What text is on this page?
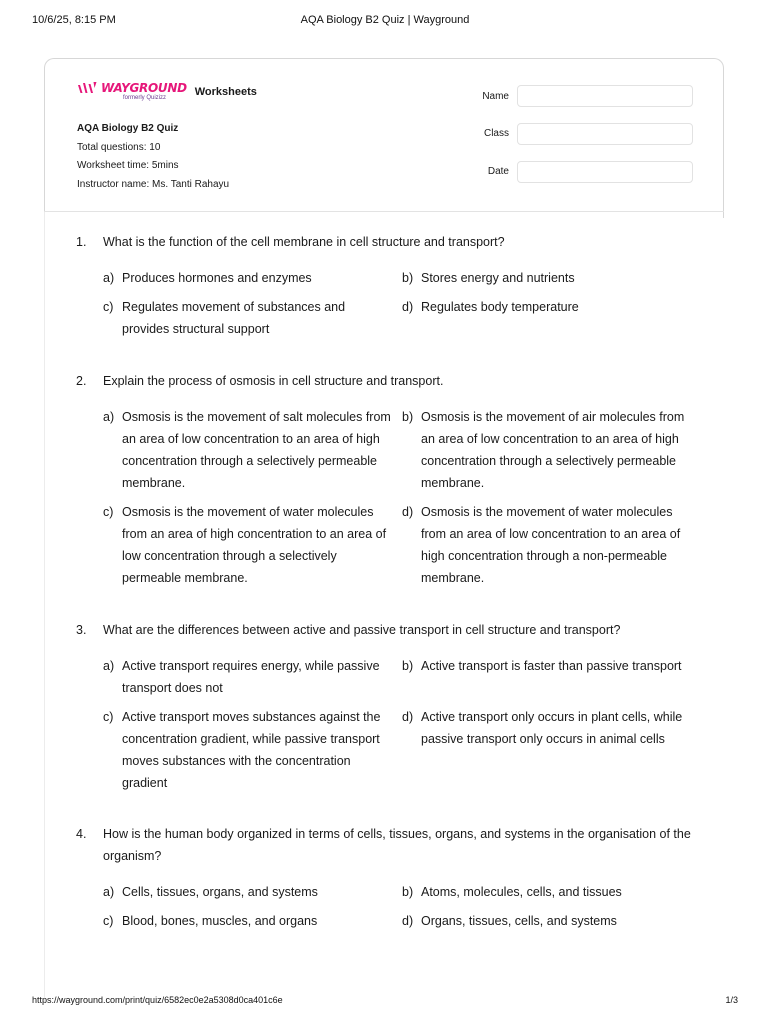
10/6/25, 8:15 PM	AQA Biology B2 Quiz | Wayground
WAYGROUND
formerly Quizizz	Worksheets
AQA Biology B2 Quiz
Total questions: 10
Worksheet time: 5mins
Instructor name: Ms. Tanti Rahayu
Name
Class
Date
1.	What is the function of the cell membrane in cell structure and transport?
a) Produces hormones and enzymes	b) Stores energy and nutrients
c) Regulates movement of substances and provides structural support
d) Regulates body temperature
2.	Explain the process of osmosis in cell structure and transport.
a) Osmosis is the movement of salt molecules from an area of low concentration to an area of high concentration through a selectively permeable membrane.
b) Osmosis is the movement of air molecules from an area of low concentration to an area of high concentration through a selectively permeable membrane.
c) Osmosis is the movement of water molecules from an area of high concentration to an area of low concentration through a selectively permeable membrane.
d) Osmosis is the movement of water molecules from an area of low concentration to an area of high concentration through a non-permeable membrane.
3.	What are the differences between active and passive transport in cell structure and transport?
a) Active transport requires energy, while passive transport does not
b) Active transport is faster than passive transport
c) Active transport moves substances against the concentration gradient, while passive transport moves substances with the concentration gradient
d) Active transport only occurs in plant cells, while passive transport only occurs in animal cells
4.	How is the human body organized in terms of cells, tissues, organs, and systems in the organisation of the organism?
a) Cells, tissues, organs, and systems	b) Atoms, molecules, cells, and tissues
c) Blood, bones, muscles, and organs	d) Organs, tissues, cells, and systems
https://wayground.com/print/quiz/6582ec0e2a5308d0ca401c6e	1/3
